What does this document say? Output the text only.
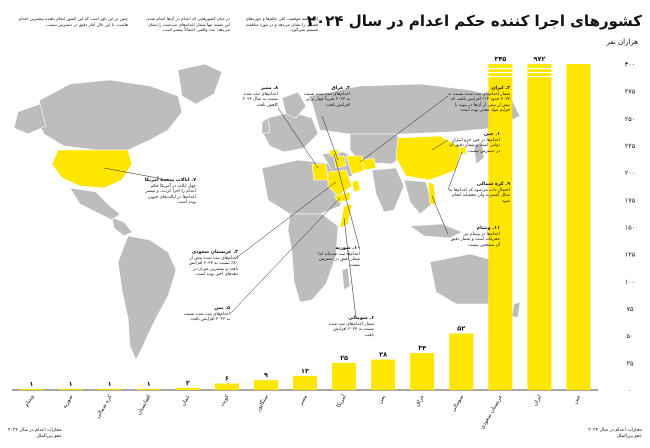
۰
۲۵
۵۰
۷۵
۱۰۰
۱۲۵
۱۵۰
۱۷۵
۲۰۰
۲۲۵
۲۵۰
۲۷۵
۳۰۰
چین
۹۷۲
ایران
۳۴۵
عربستان سعودی
۵۲
سومالی
۳۴
عراق
۲۸
یمن
۲۵
آمریکا
۱۳
مصر
۹
سنگاپور
۶
کویت
۲
عمان
۱
افغانستان
۱
کره شمالی
۱
سوریه
۱
ویتنام
کشورهای اجرا کننده حکم اعدام در سال ۲۰۲۴
هزاران نفر
این نقشه موقعیت کلی حکم‌ها و حوزه‌های قضایی را نشان می‌دهد و در مورد مناقشه تصمیم نمی‌گیرد.
در میان کشورهایی که اعدام در آن‌ها انجام شده، این نقشه تنها شمار اعدام‌های ثبت‌شده را نشان می‌دهد؛ عدد واقعی احتمالاً بیشتر است.
چنین بر این باور است که این کشور انجام دهنده بیشترین اعدام هاست، با این حال آمار دقیق در دسترس نیست.
۲. ایران
شمار اعدام‌های ثبت شده نسبت به ۲۰۲۳ حدود ۱۴٪ افزایش یافته، که بیش از نیمی از آن‌ها در پیوند با جرایم مواد مخدر بوده است.
۱. چین
اعدام‌ها در چین جزو اسرار دولتی است و شمار دقیق آن در دسترس نیست.
۴. عراق
اعدام‌های ثبت شده نسبت به ۲۰۲۳ تقریباً چهار برابر افزایش یافت.
۸. مصر
اعدام‌های ثبت شده نسبت به سال ۲۰۲۳ کاهش یافت.
۹. کره شمالی
احتمال داده می‌شود که اعدام‌ها به شکل گسترده ولی مخفیانه انجام شود.
۱۱. ویتنام
اعدام‌ها در ویتنام نیز محرمانه است و شمار دقیق آن مشخص نیست.
۷. ایالات متحده آمریکا
چهار ایالت در آمریکا حکم اعدام را اجرا کردند، و بیشتر اعدام‌ها در ایالت‌های جنوبی بوده است.
۳. عربستان سعودی
اعدام‌های ثبت شده بیش از ۸۰٪ نسبت به ۲۰۲۳ افزایش یافت و بیشترین میزان در دهه‌های اخیر بوده است.
۵. یمن
اعدام‌های ثبت شده نسبت به ۲۰۲۳ افزایش یافت.	۶. سومالی
شمار اعدام‌های ثبت شده نسبت به ۲۰۲۳ افزایش یافت.
۱۰. سوریه
اعدام‌ها ثبت شده‌اند اما شمار دقیق در دسترس نیست.
مجازات اعدام در سال ۲۰۲۴
عفو بین‌الملل
مجازات اعدام در سال ۲۰۲۴
عفو بین‌الملل
